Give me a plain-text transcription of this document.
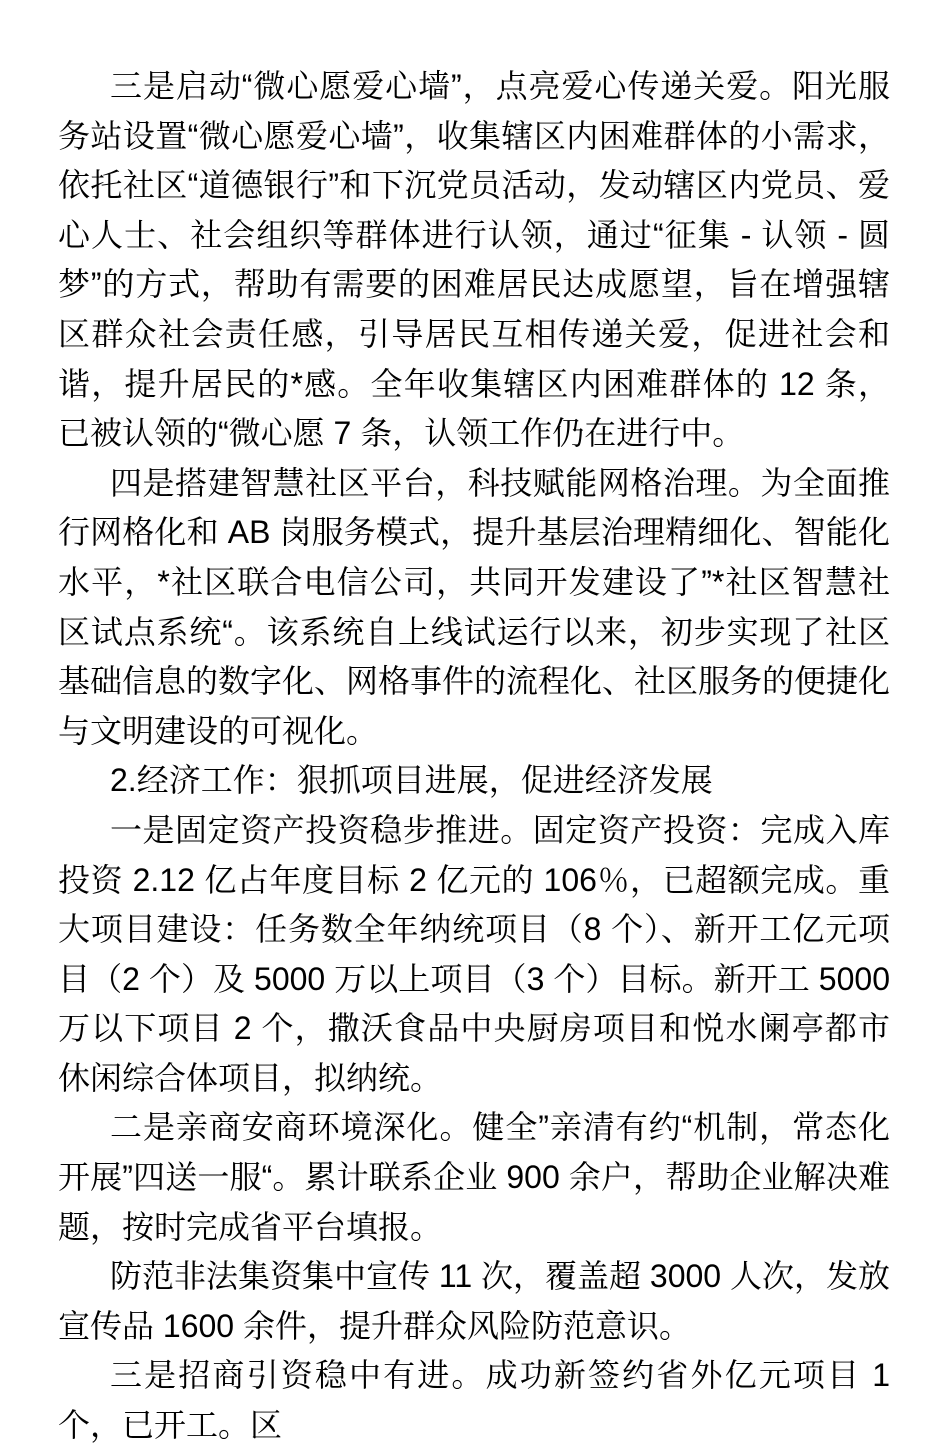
三是启动“微心愿爱心墙”，点亮爱心传递关爱。阳光服务站设置“微心愿爱心墙”，收集辖区内困难群体的小需求，依托社区“道德银行”和下沉党员活动，发动辖区内党员、爱心人士、社会组织等群体进行认领，通过“征集 - 认领 - 圆梦”的方式，帮助有需要的困难居民达成愿望，旨在增强辖区群众社会责任感，引导居民互相传递关爱，促进社会和谐，提升居民的*感。全年收集辖区内困难群体的 12 条，已被认领的“微心愿 7 条，认领工作仍在进行中。

四是搭建智慧社区平台，科技赋能网格治理。为全面推行网格化和 AB 岗服务模式，提升基层治理精细化、智能化水平，*社区联合电信公司，共同开发建设了”*社区智慧社区试点系统“。该系统自上线试运行以来，初步实现了社区基础信息的数字化、网格事件的流程化、社区服务的便捷化与文明建设的可视化。

2.经济工作：狠抓项目进展，促进经济发展

一是固定资产投资稳步推进。固定资产投资：完成入库投资 2.12 亿占年度目标 2 亿元的 106％，已超额完成。重大项目建设：任务数全年纳统项目（8 个）、新开工亿元项目（2 个）及 5000 万以上项目（3 个）目标。新开工 5000 万以下项目 2 个，撒沃食品中央厨房项目和悦水阑亭都市休闲综合体项目，拟纳统。

二是亲商安商环境深化。健全”亲清有约“机制，常态化开展”四送一服“。累计联系企业 900 余户，帮助企业解决难题，按时完成省平台填报。

防范非法集资集中宣传 11 次，覆盖超 3000 人次，发放宣传品 1600 余件，提升群众风险防范意识。

三是招商引资稳中有进。成功新签约省外亿元项目 1 个，已开工。区
